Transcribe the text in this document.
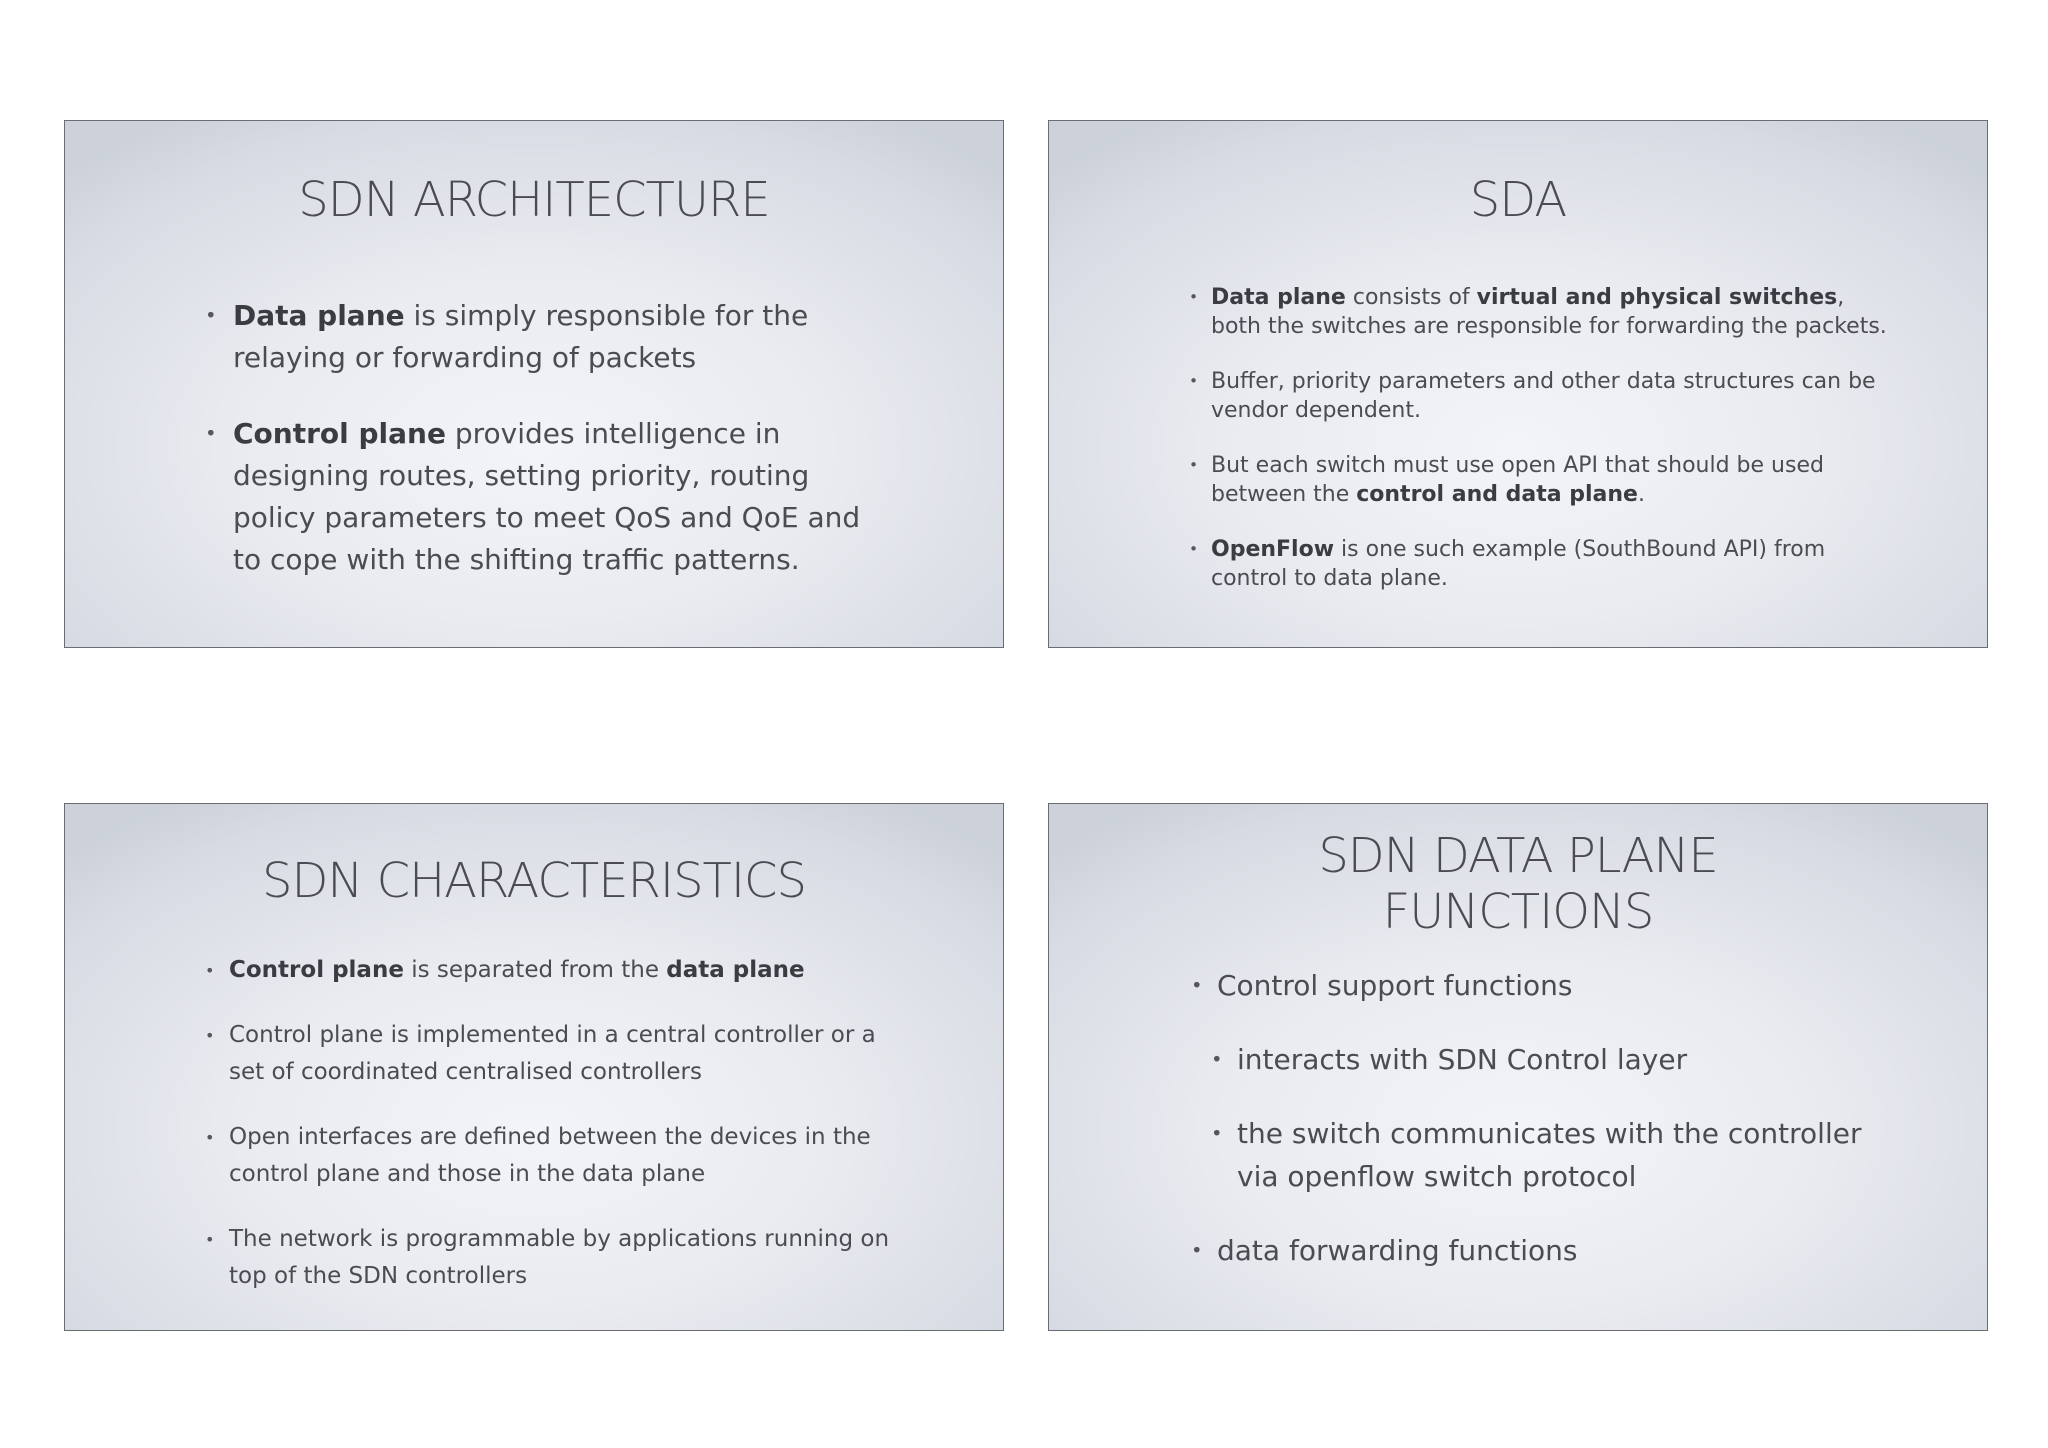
SDN ARCHITECTURE
• Data plane is simply responsible for the relaying or forwarding of packets
• Control plane provides intelligence in designing routes, setting priority, routing policy parameters to meet QoS and QoE and to cope with the shifting traffic patterns.
SDA
• Data plane consists of virtual and physical switches, both the switches are responsible for forwarding the packets.
• Buffer, priority parameters and other data structures can be vendor dependent.
• But each switch must use open API that should be used between the control and data plane.
• OpenFlow is one such example (SouthBound API) from control to data plane.
SDN CHARACTERISTICS
• Control plane is separated from the data plane
• Control plane is implemented in a central controller or a set of coordinated centralised controllers
• Open interfaces are defined between the devices in the control plane and those in the data plane
• The network is programmable by applications running on top of the SDN controllers
SDN DATA PLANE
FUNCTIONS
• Control support functions
• interacts with SDN Control layer
• the switch communicates with the controller via openflow switch protocol
• data forwarding functions
